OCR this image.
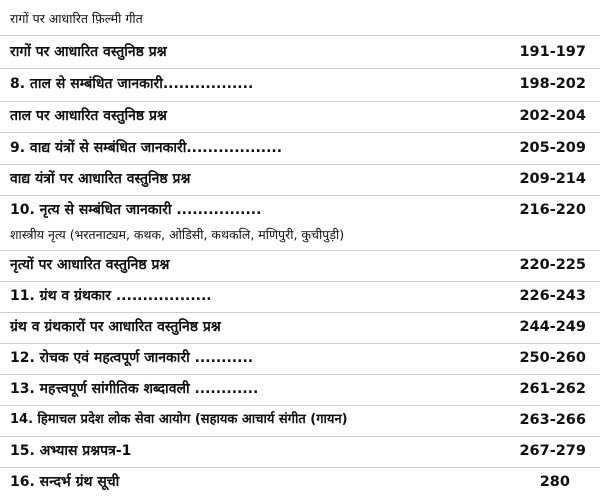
रागों पर आधारित फ़िल्मी गीत
रागों पर आधारित वस्तुनिष्ठ प्रश्न	191-197
8. ताल से सम्बंधित जानकारी.................	198-202
ताल पर आधारित वस्तुनिष्ठ प्रश्न	202-204
9. वाद्य यंत्रों से सम्बंधित जानकारी..................	205-209
वाद्य यंत्रों पर आधारित वस्तुनिष्ठ प्रश्न	209-214
10. नृत्य से सम्बंधित जानकारी ................	216-220
शास्त्रीय नृत्य (भरतनाट्यम, कथक, ओडिसी, कथकलि, मणिपुरी, कुचीपुड़ी)
नृत्यों पर आधारित वस्तुनिष्ठ प्रश्न	220-225
11. ग्रंथ व ग्रंथकार ..................	226-243
ग्रंथ व ग्रंथकारों पर आधारित वस्तुनिष्ठ प्रश्न	244-249
12. रोचक एवं महत्वपूर्ण जानकारी ...........	250-260
13. महत्त्वपूर्ण सांगीतिक शब्दावली ............	261-262
14. हिमाचल प्रदेश लोक सेवा आयोग (सहायक आचार्य संगीत (गायन)	263-266
15. अभ्यास प्रश्नपत्र-1	267-279
16. सन्दर्भ ग्रंथ सूची	280
